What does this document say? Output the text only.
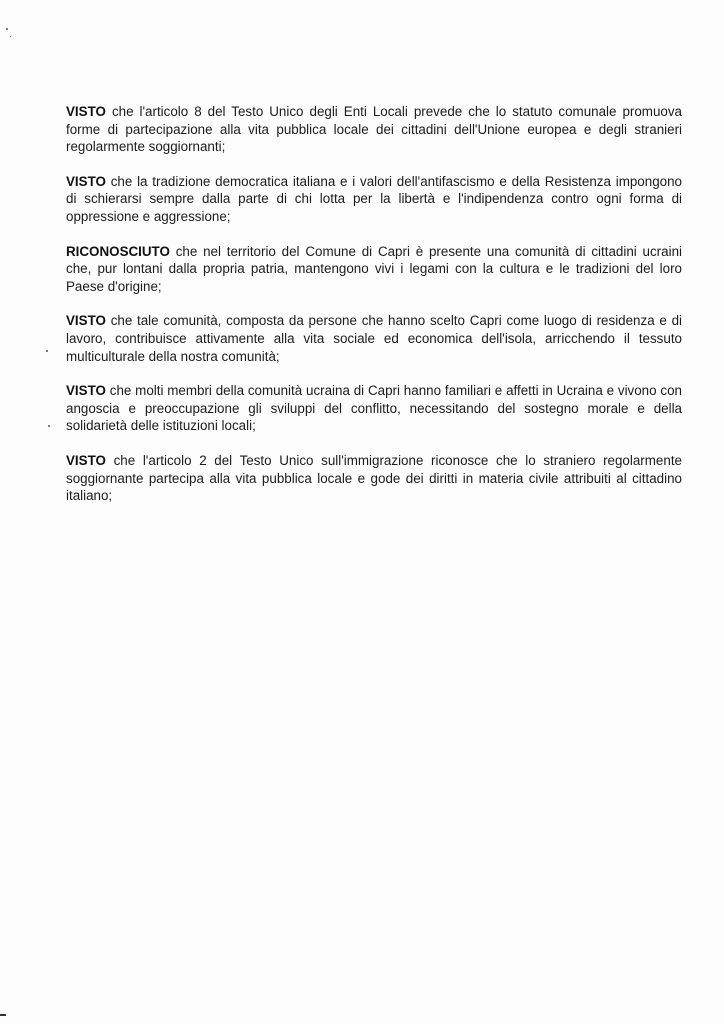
VISTO che l'articolo 8 del Testo Unico degli Enti Locali prevede che lo statuto comunale promuova forme di partecipazione alla vita pubblica locale dei cittadini dell'Unione europea e degli stranieri regolarmente soggiornanti;

VISTO che la tradizione democratica italiana e i valori dell'antifascismo e della Resistenza impongono di schierarsi sempre dalla parte di chi lotta per la libertà e l'indipendenza contro ogni forma di oppressione e aggressione;

RICONOSCIUTO che nel territorio del Comune di Capri è presente una comunità di cittadini ucraini che, pur lontani dalla propria patria, mantengono vivi i legami con la cultura e le tradizioni del loro Paese d'origine;

VISTO che tale comunità, composta da persone che hanno scelto Capri come luogo di residenza e di lavoro, contribuisce attivamente alla vita sociale ed economica dell'isola, arricchendo il tessuto multiculturale della nostra comunità;

VISTO che molti membri della comunità ucraina di Capri hanno familiari e affetti in Ucraina e vivono con angoscia e preoccupazione gli sviluppi del conflitto, necessitando del sostegno morale e della solidarietà delle istituzioni locali;

VISTO che l'articolo 2 del Testo Unico sull'immigrazione riconosce che lo straniero regolarmente soggiornante partecipa alla vita pubblica locale e gode dei diritti in materia civile attribuiti al cittadino italiano;
